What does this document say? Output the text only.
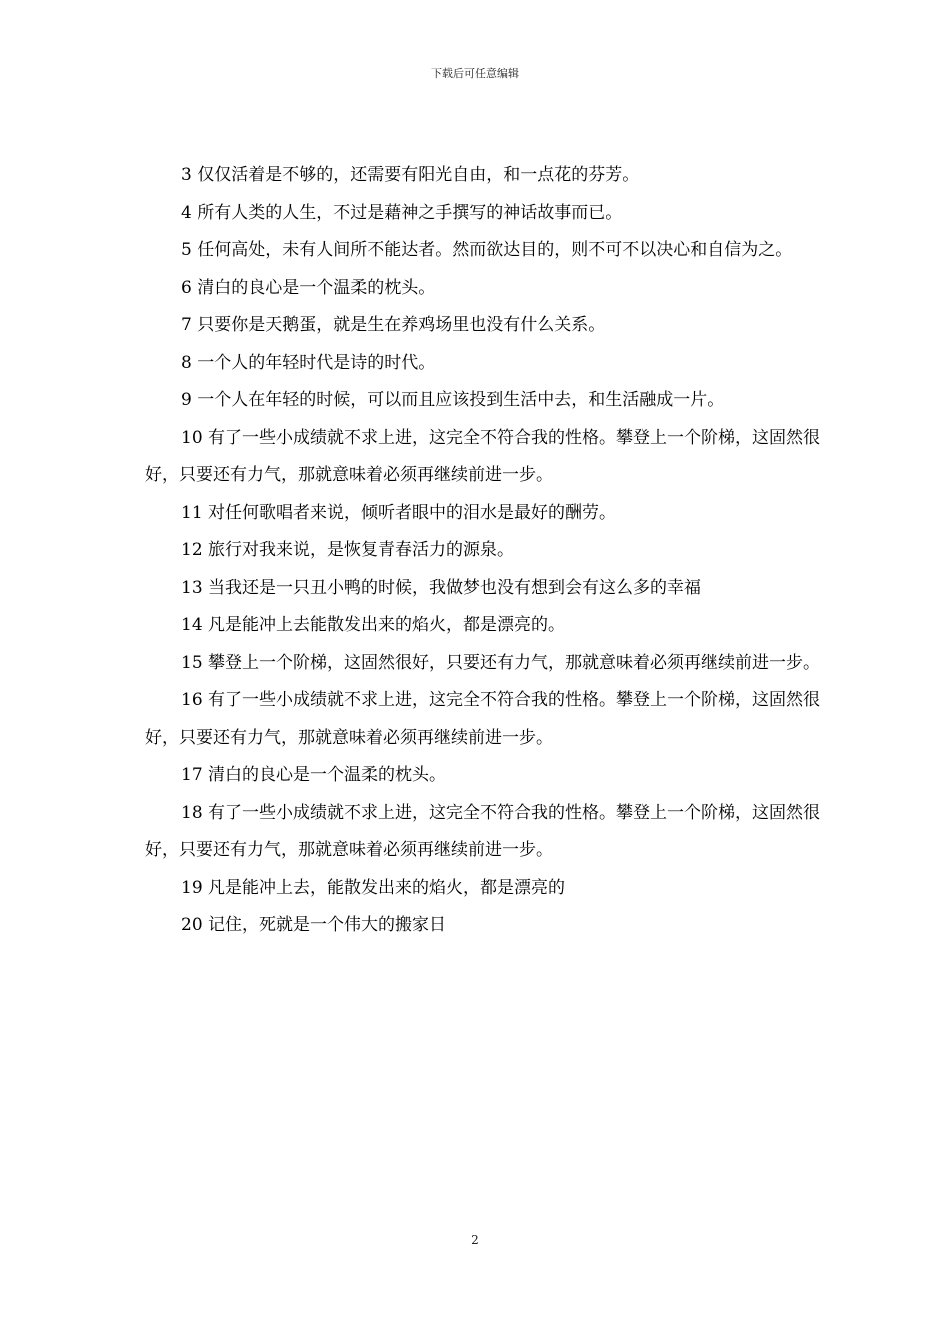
下载后可任意编辑

3 仅仅活着是不够的，还需要有阳光自由，和一点花的芬芳。

4 所有人类的人生，不过是藉神之手撰写的神话故事而已。

5 任何高处，未有人间所不能达者。然而欲达目的，则不可不以决心和自信为之。

6 清白的良心是一个温柔的枕头。

7 只要你是天鹅蛋，就是生在养鸡场里也没有什么关系。

8 一个人的年轻时代是诗的时代。

9 一个人在年轻的时候，可以而且应该投到生活中去，和生活融成一片。

10 有了一些小成绩就不求上进，这完全不符合我的性格。攀登上一个阶梯，这固然很好，只要还有力气，那就意味着必须再继续前进一步。

11 对任何歌唱者来说，倾听者眼中的泪水是最好的酬劳。

12 旅行对我来说，是恢复青春活力的源泉。

13 当我还是一只丑小鸭的时候，我做梦也没有想到会有这么多的幸福

14 凡是能冲上去能散发出来的焰火，都是漂亮的。

15 攀登上一个阶梯，这固然很好，只要还有力气，那就意味着必须再继续前进一步。

16 有了一些小成绩就不求上进，这完全不符合我的性格。攀登上一个阶梯，这固然很好，只要还有力气，那就意味着必须再继续前进一步。

17 清白的良心是一个温柔的枕头。

18 有了一些小成绩就不求上进，这完全不符合我的性格。攀登上一个阶梯，这固然很好，只要还有力气，那就意味着必须再继续前进一步。

19 凡是能冲上去，能散发出来的焰火，都是漂亮的

20 记住，死就是一个伟大的搬家日

2
